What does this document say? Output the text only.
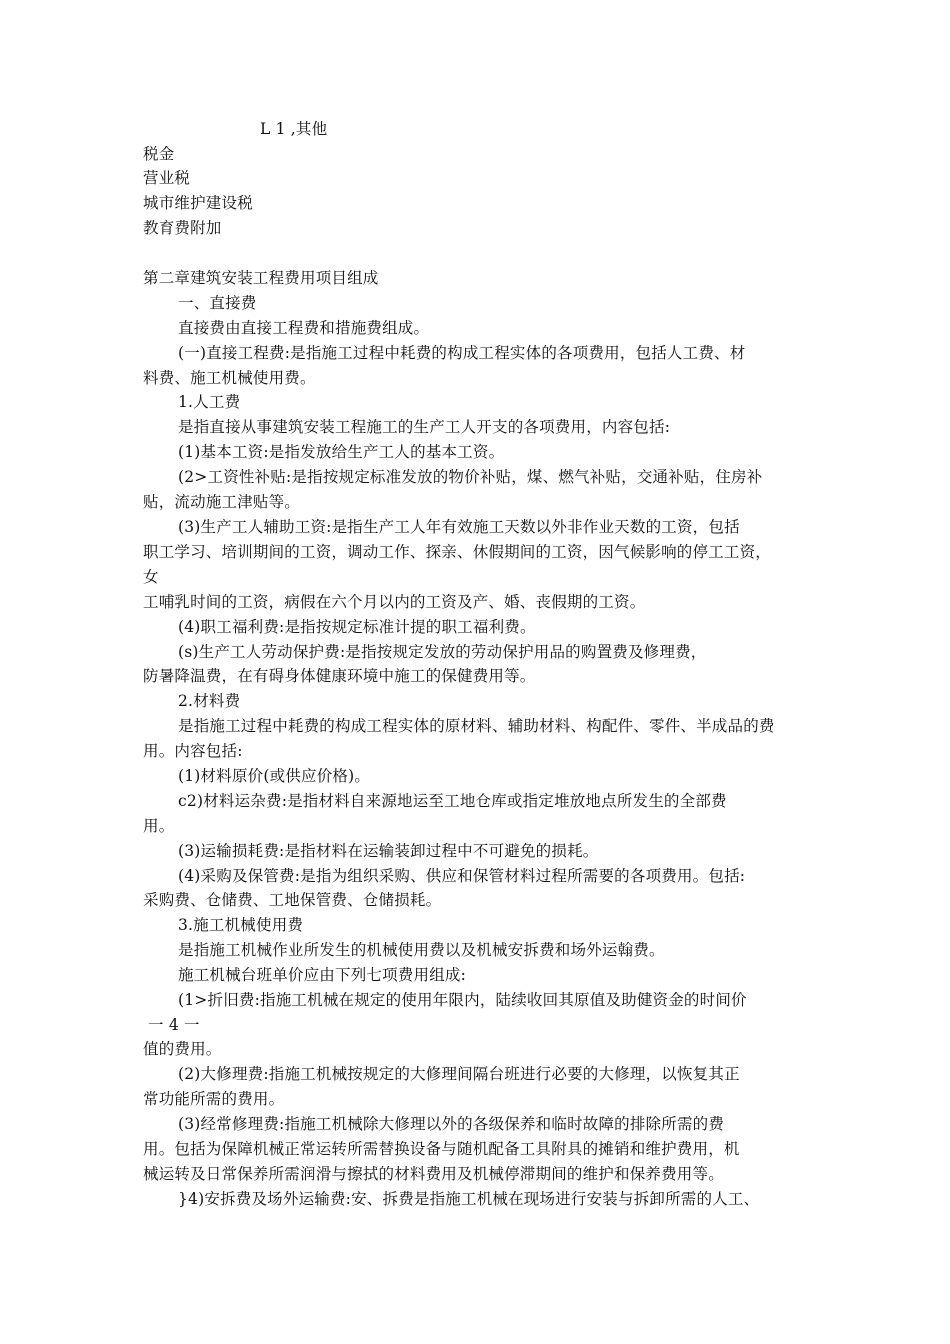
L 1 ,其他
税金
营业税
城市维护建设税
教育费附加
第二章建筑安装工程费用项目组成
一、直接费
直接费由直接工程费和措施费组成。
(一)直接工程费:是指施工过程中耗费的构成工程实体的各项费用，包括人工费、材
料费、施工机械使用费。
1.人工费
是指直接从事建筑安装工程施工的生产工人开支的各项费用，内容包括:
(1)基本工资:是指发放给生产工人的基本工资。
(2>工资性补贴:是指按规定标准发放的物价补贴，煤、燃气补贴，交通补贴，住房补
贴，流动施工津贴等。
(3)生产工人辅助工资:是指生产工人年有效施工天数以外非作业天数的工资，包括
职工学习、培训期间的工资，调动工作、探亲、休假期间的工资，因气候影响的停工工资，
女
工哺乳时间的工资，病假在六个月以内的工资及产、婚、丧假期的工资。
(4)职工福利费:是指按规定标准计提的职工福利费。
(s)生产工人劳动保护费:是指按规定发放的劳动保护用品的购置费及修理费，
防暑降温费，在有碍身体健康环境中施工的保健费用等。
2.材料费
是指施工过程中耗费的构成工程实体的原材料、辅助材料、构配件、零件、半成品的费
用。内容包括:
(1)材料原价(或供应价格)。
c2)材料运杂费:是指材料自来源地运至工地仓库或指定堆放地点所发生的全部费
用。
(3)运输损耗费:是指材料在运输装卸过程中不可避免的损耗。
(4)采购及保管费:是指为组织采购、供应和保管材料过程所需要的各项费用。包括:
采购费、仓储费、工地保管费、仓储损耗。
3.施工机械使用费
是指施工机械作业所发生的机械使用费以及机械安拆费和场外运翰费。
施工机械台班单价应由下列七项费用组成:
(1>折旧费:指施工机械在规定的使用年限内，陆续收回其原值及助健资金的时间价
一 4 一
值的费用。
(2)大修理费:指施工机械按规定的大修理间隔台班进行必要的大修理，以恢复其正
常功能所需的费用。
(3)经常修理费:指施工机械除大修理以外的各级保养和临时故障的排除所需的费
用。包括为保障机械正常运转所需替换设备与随机配备工具附具的摊销和维护费用，机
械运转及日常保养所需润滑与擦拭的材料费用及机械停滞期间的维护和保养费用等。
}4)安拆费及场外运输费:安、拆费是指施工机械在现场进行安装与拆卸所需的人工、
